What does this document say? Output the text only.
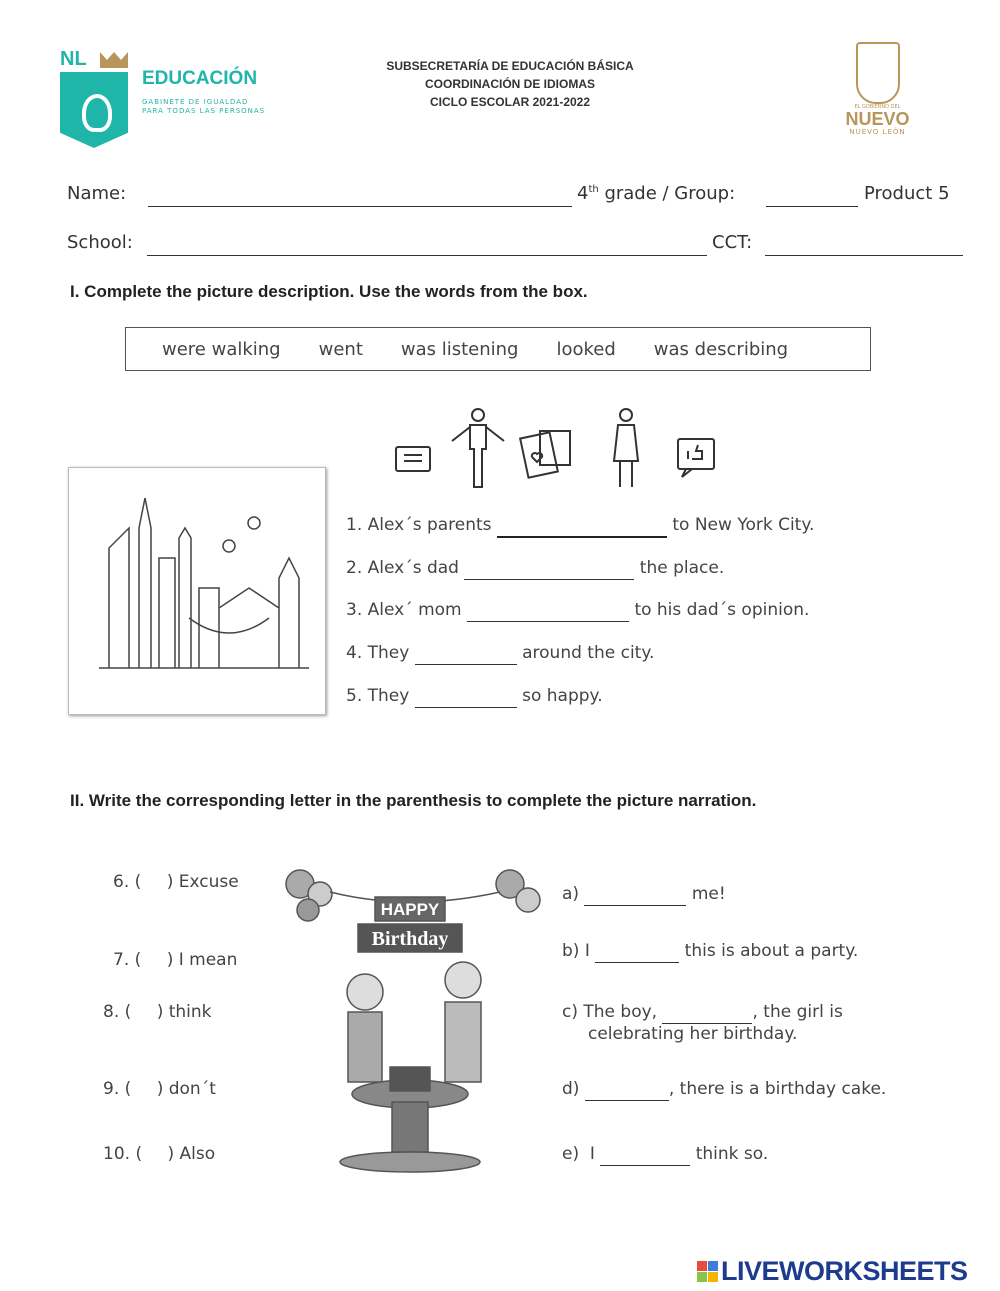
NL
EDUCACIÓN
GABINETE DE IGUALDAD
PARA TODAS LAS PERSONAS
SUBSECRETARÍA DE EDUCACIÓN BÁSICA
COORDINACIÓN DE IDIOMAS
CICLO ESCOLAR 2021-2022	EL GOBIERNO DEL
NUEVO
NUEVO LEÓN
Name:	4th grade / Group:	Product 5
School:	CCT:
I. Complete the picture description. Use the words from the box.
were walking went was listening looked was describing
1. Alex´s parents	to New York City.
2. Alex´s dad	the place.
3. Alex´ mom	to his dad´s opinion.
4. They	around the city.
5. They	so happy.
II. Write the corresponding letter in the parenthesis to complete the picture narration.
6. ( ) Excuse
7. ( ) I mean
8. ( ) think
9. ( ) don´t
10. ( ) Also
HAPPY
Birthday
a)	me!
b) I	this is about a party.
c) The boy,	, the girl is
celebrating her birthday.
d)	, there is a birthday cake.
e) I	think so.
LIVEWORKSHEETS
